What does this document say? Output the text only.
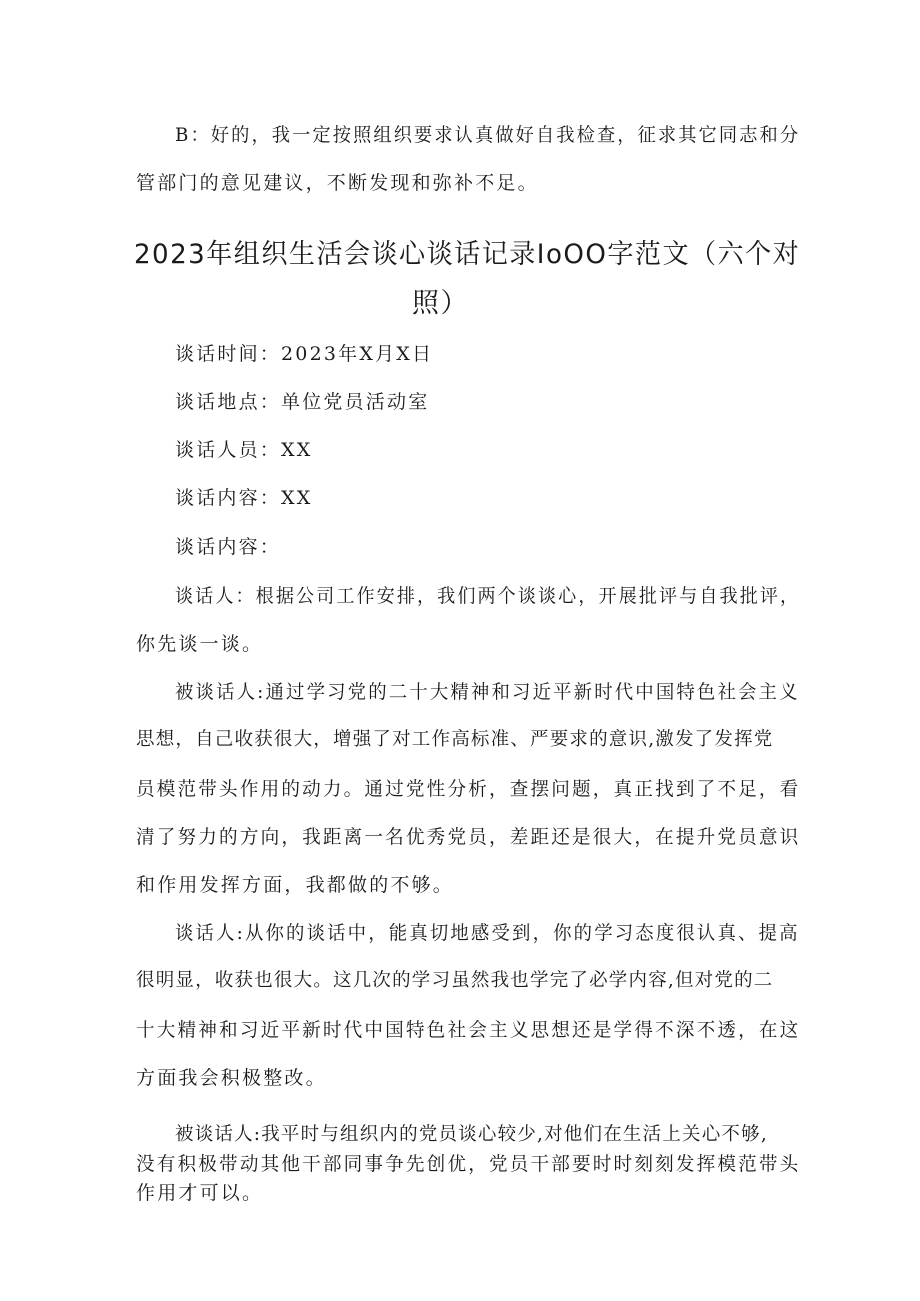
B：好的，我一定按照组织要求认真做好自我检查，征求其它同志和分
管部门的意见建议，不断发现和弥补不足。
2023年组织生活会谈心谈话记录IoOO字范文（六个对
照）
谈话时间：2023年X月X日
谈话地点：单位党员活动室
谈话人员：XX
谈话内容：XX
谈话内容：
谈话人：根据公司工作安排，我们两个谈谈心，开展批评与自我批评，
你先谈一谈。
被谈话人:通过学习党的二十大精神和习近平新时代中国特色社会主义
思想，自己收获很大，增强了对工作高标准、严要求的意识,激发了发挥党
员模范带头作用的动力。通过党性分析，查摆问题，真正找到了不足，看
清了努力的方向，我距离一名优秀党员，差距还是很大，在提升党员意识
和作用发挥方面，我都做的不够。
谈话人:从你的谈话中，能真切地感受到，你的学习态度很认真、提高
很明显，收获也很大。这几次的学习虽然我也学完了必学内容,但对党的二
十大精神和习近平新时代中国特色社会主义思想还是学得不深不透，在这
方面我会积极整改。
被谈话人:我平时与组织内的党员谈心较少,对他们在生活上关心不够,
没有积极带动其他干部同事争先创优，党员干部要时时刻刻发挥模范带头
作用才可以。
